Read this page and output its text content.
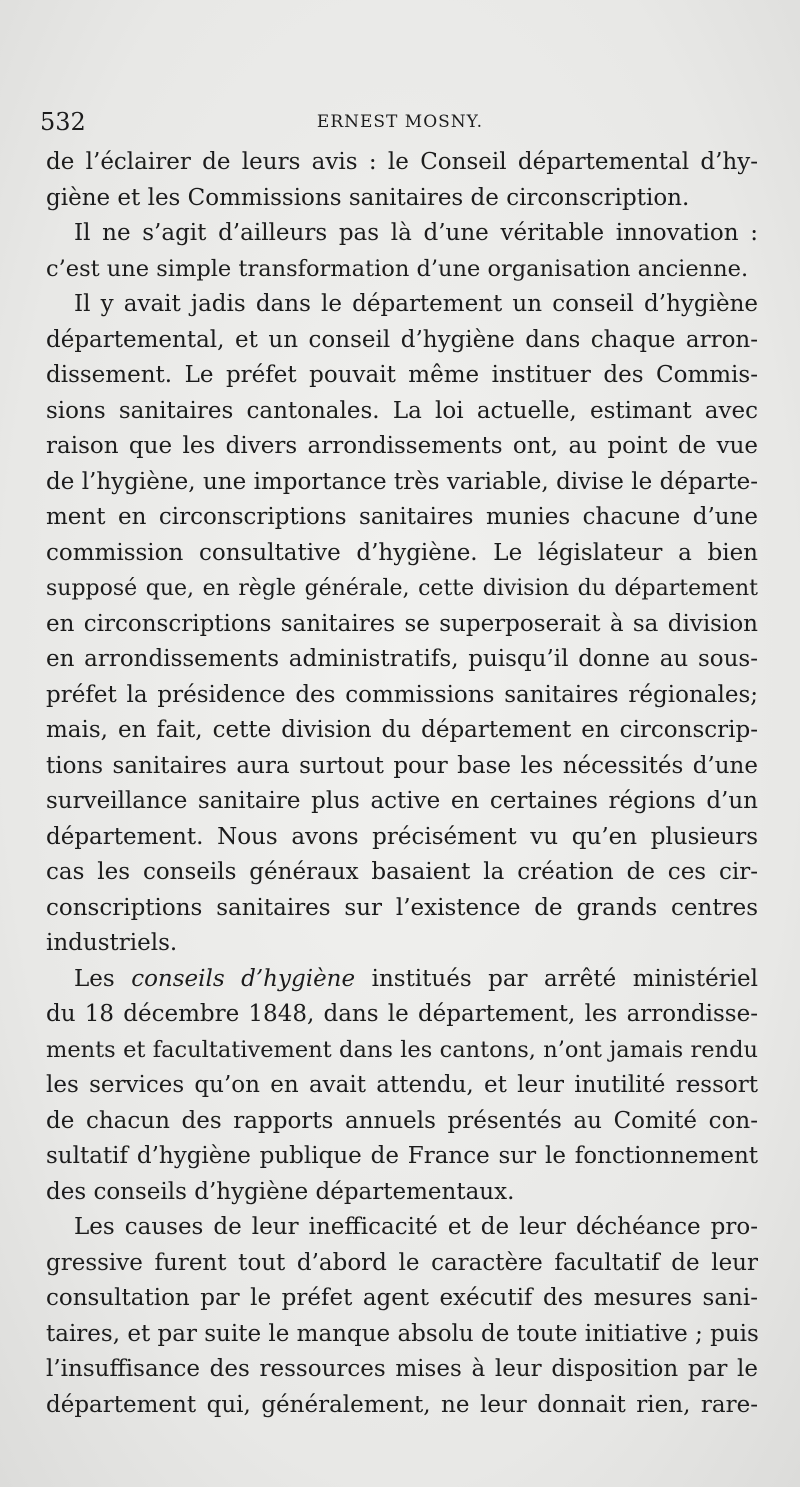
532	ERNEST MOSNY.
de l’éclairer de leurs avis : le Conseil départemental d’hy-
giène et les Commissions sanitaires de circonscription.
Il ne s’agit d’ailleurs pas là d’une véritable innovation :
c’est une simple transformation d’une organisation ancienne.
Il y avait jadis dans le département un conseil d’hygiène
départemental, et un conseil d’hygiène dans chaque arron-
dissement. Le préfet pouvait même instituer des Commis-
sions sanitaires cantonales. La loi actuelle, estimant avec
raison que les divers arrondissements ont, au point de vue
de l’hygiène, une importance très variable, divise le départe-
ment en circonscriptions sanitaires munies chacune d’une
commission consultative d’hygiène. Le législateur a bien
supposé que, en règle générale, cette division du département
en circonscriptions sanitaires se superposerait à sa division
en arrondissements administratifs, puisqu’il donne au sous-
préfet la présidence des commissions sanitaires régionales;
mais, en fait, cette division du département en circonscrip-
tions sanitaires aura surtout pour base les nécessités d’une
surveillance sanitaire plus active en certaines régions d’un
département. Nous avons précisément vu qu’en plusieurs
cas les conseils généraux basaient la création de ces cir-
conscriptions sanitaires sur l’existence de grands centres
industriels.
Les conseils d’hygiène institués par arrêté ministériel
du 18 décembre 1848, dans le département, les arrondisse-
ments et facultativement dans les cantons, n’ont jamais rendu
les services qu’on en avait attendu, et leur inutilité ressort
de chacun des rapports annuels présentés au Comité con-
sultatif d’hygiène publique de France sur le fonctionnement
des conseils d’hygiène départementaux.
Les causes de leur inefficacité et de leur déchéance pro-
gressive furent tout d’abord le caractère facultatif de leur
consultation par le préfet agent exécutif des mesures sani-
taires, et par suite le manque absolu de toute initiative ; puis
l’insuffisance des ressources mises à leur disposition par le
département qui, généralement, ne leur donnait rien, rare-
